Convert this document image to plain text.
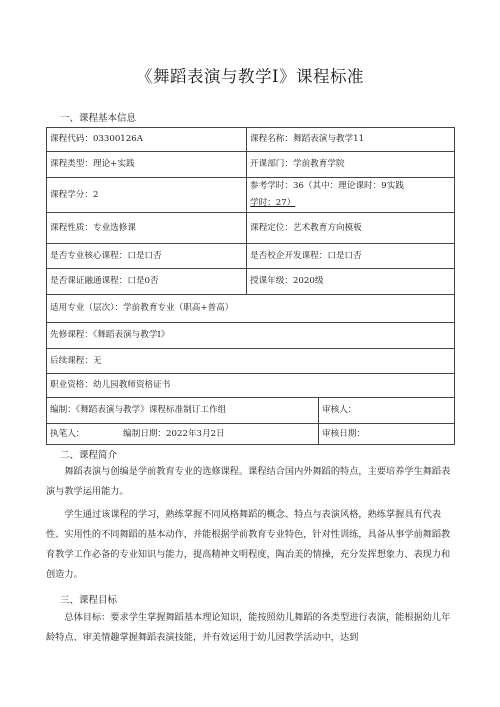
《舞蹈表演与教学Ⅰ》课程标准
一、课程基本信息
课程代码：03300126A	课程名称：舞蹈表演与教学11	
课程类型：理论+实践	开课部门：学前教育学院	
课程学分：2	参考学时：36（其中：理论课时：9实践
学时：27）	

课程性质：专业选修课	课程定位：艺术教育方向模板	
是否专业核心课程：口是口否	是否校企开发课程：口是口否	
是否课证融通课程：口是0否	授课年级：2020级	
适用专业（层次）：学前教育专业（职高+普高）		
先修课程：《舞蹈表演与教学Ⅰ》		
后续课程：无		
职业资格：幼儿园教师资格证书		
编制：《舞蹈表演与教学》课程标准制订工作组		审核人：
执笔人： 编制日期：2022年3月2日		审核日期：
二、课程简介
舞蹈表演与创编是学前教育专业的选修课程。课程结合国内外舞蹈的特点，主要培养学生舞蹈表演与教学运用能力。
学生通过该课程的学习，熟练掌握不同风格舞蹈的概念、特点与表演风格，熟练掌握具有代表性、实用性的不同舞蹈的基本动作，并能根据学前教育专业特色，针对性训练，具备从事学前舞蹈教育教学工作必备的专业知识与能力，提高精神文明程度，陶冶美的情操，充分发挥想象力、表现力和创造力。
三、课程目标
总体目标：要求学生掌握舞蹈基本理论知识，能按照幼儿舞蹈的各类型进行表演，能根据幼儿年龄特点、审美情趣掌握舞蹈表演技能，并有效运用于幼儿园教学活动中，达到
